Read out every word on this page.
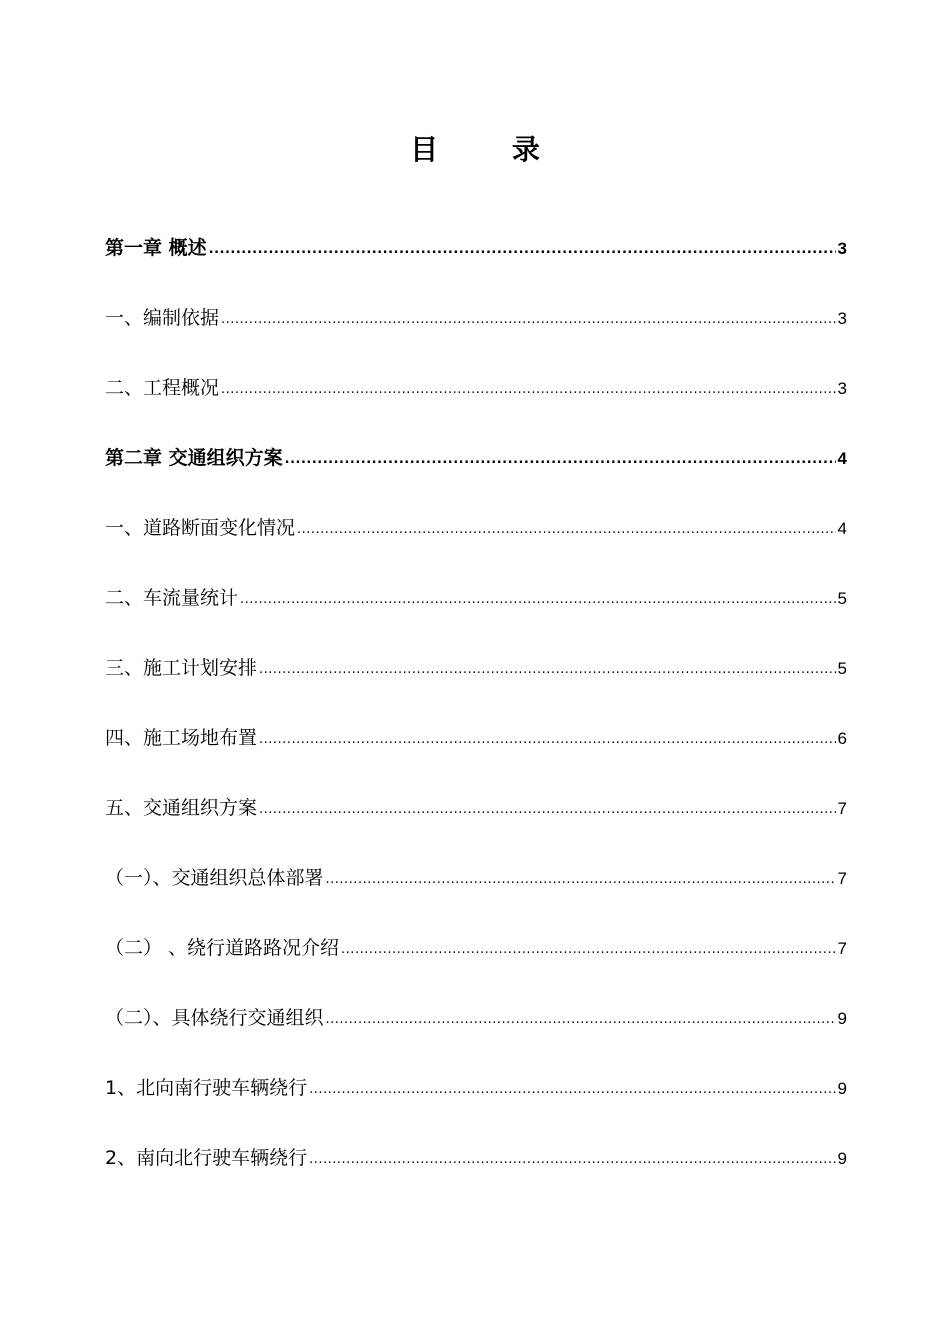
目 录
第一章 概述 .....	3
一、编制依据 .....	3
二、工程概况 .....	3
第二章 交通组织方案 .....	4
一、道路断面变化情况 .....	4
二、车流量统计 .....	5
三、施工计划安排 .....	5
四、施工场地布置 .....	6
五、交通组织方案 .....	7
（一）、交通组织总体部署 .....	7
（二） 、绕行道路路况介绍 .....	7
（二）、具体绕行交通组织 .....	9
1、北向南行驶车辆绕行 .....	9
2、南向北行驶车辆绕行 .....	9
